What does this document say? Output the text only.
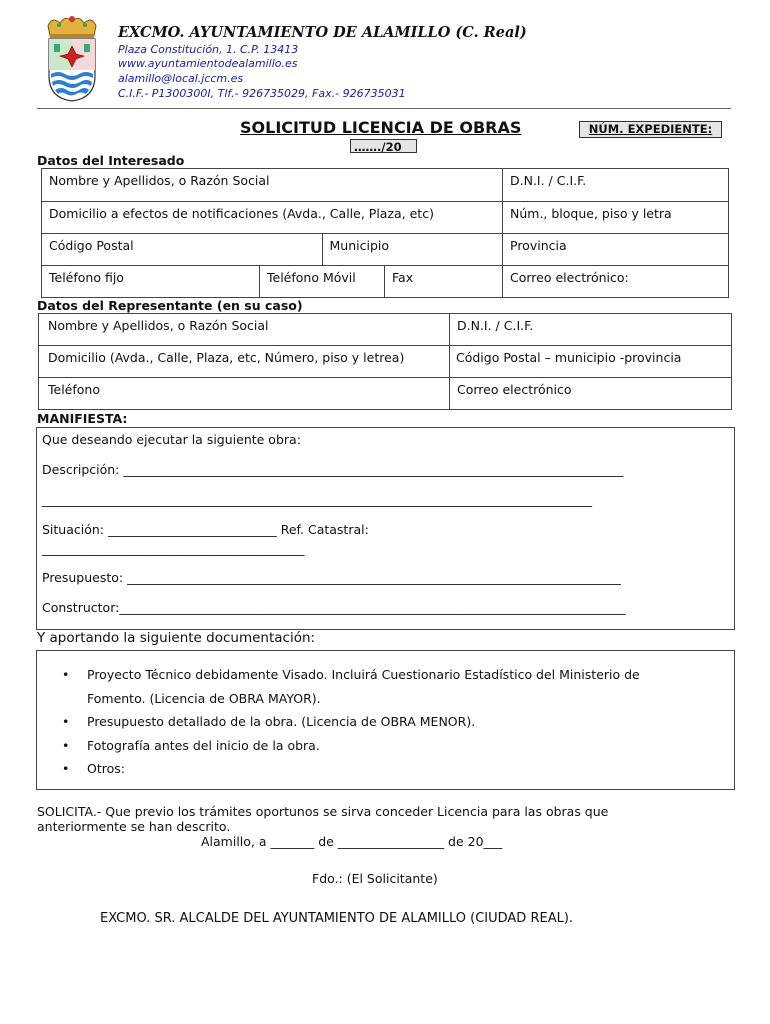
EXCMO. AYUNTAMIENTO DE ALAMILLO (C. Real)
Plaza Constitución, 1. C.P. 13413
www.ayuntamientodealamillo.es
alamillo@local.jccm.es
C.I.F.- P1300300I, Tlf.- 926735029, Fax.- 926735031
SOLICITUD LICENCIA DE OBRAS	NÚM. EXPEDIENTE:
……./20
Datos del Interesado
Nombre y Apellidos, o Razón Social				D.N.I. / C.I.F.
Domicilio a efectos de notificaciones (Avda., Calle, Plaza, etc)				Núm., bloque, piso y letra
Código Postal		Municipio		Provincia
Teléfono fijo	Teléfono Móvil		Fax	Correo electrónico:
Datos del Representante (en su caso)
Nombre y Apellidos, o Razón Social	D.N.I. / C.I.F.
Domicilio (Avda., Calle, Plaza, etc, Número, piso y letrea)	Código Postal – municipio -provincia
Teléfono	Correo electrónico
MANIFIESTA:
Que deseando ejecutar la siguiente obra:
Descripción: ________________________________________________________________________________
________________________________________________________________________________________
Situación: ___________________________ Ref. Catastral:
__________________________________________
Presupuesto: _______________________________________________________________________________
Constructor:_________________________________________________________________________________
Y aportando la siguiente documentación:
• Proyecto Técnico debidamente Visado. Incluirá Cuestionario Estadístico del Ministerio de
Fomento. (Licencia de OBRA MAYOR).
• Presupuesto detallado de la obra. (Licencia de OBRA MENOR).
• Fotografía antes del inicio de la obra.
• Otros:
SOLICITA.- Que previo los trámites oportunos se sirva conceder Licencia para las obras que
anteriormente se han descrito.
Alamillo, a _______ de _________________ de 20___
Fdo.: (El Solicitante)
EXCMO. SR. ALCALDE DEL AYUNTAMIENTO DE ALAMILLO (CIUDAD REAL).
